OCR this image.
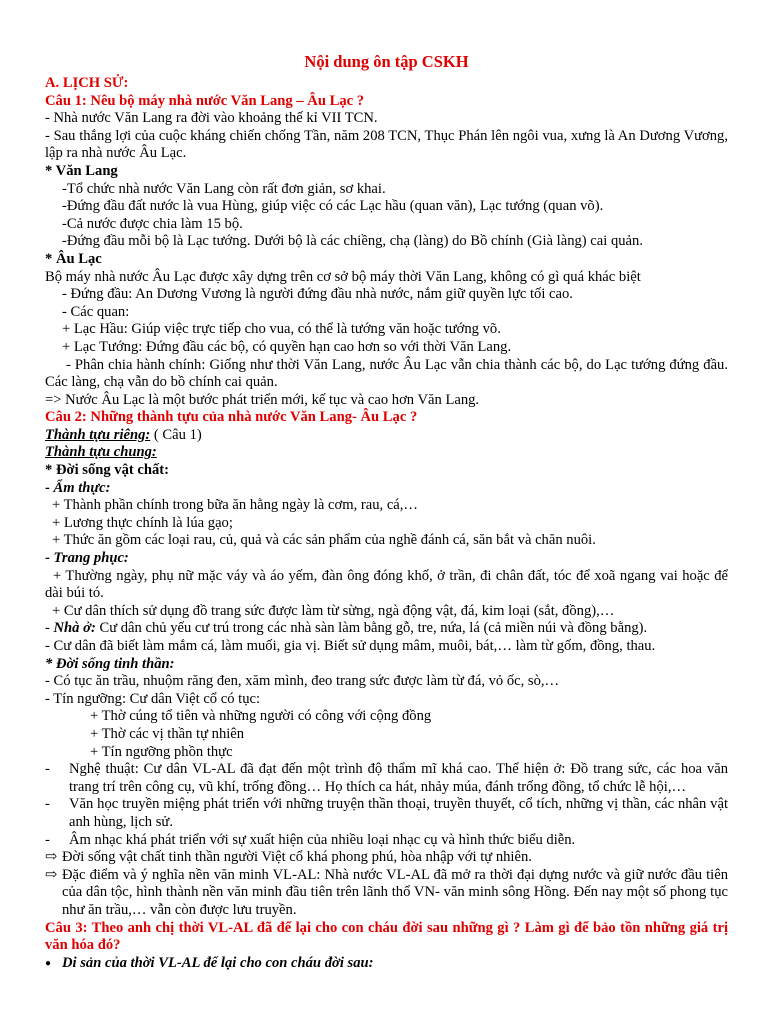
Nội dung ôn tập CSKH

A. LỊCH SỬ:

Câu 1: Nêu bộ máy nhà nước Văn Lang – Âu Lạc ?

- Nhà nước Văn Lang ra đời vào khoảng thế kỉ VII TCN.

- Sau thắng lợi của cuộc kháng chiến chống Tần, năm 208 TCN, Thục Phán lên ngôi vua, xưng là An Dương Vương, lập ra nhà nước Âu Lạc.

* Văn Lang

-Tổ chức nhà nước Văn Lang còn rất đơn giản, sơ khai.

-Đứng đầu đất nước là vua Hùng, giúp việc có các Lạc hầu (quan văn), Lạc tướng (quan võ).

-Cả nước được chia làm 15 bộ.

-Đứng đầu mỗi bộ là Lạc tướng. Dưới bộ là các chiềng, chạ (làng) do Bồ chính (Già làng) cai quản.

* Âu Lạc

Bộ máy nhà nước Âu Lạc được xây dựng trên cơ sở bộ máy thời Văn Lang, không có gì quá khác biệt

- Đứng đầu: An Dương Vương là người đứng đầu nhà nước, nắm giữ quyền lực tối cao.

- Các quan:

+ Lạc Hầu: Giúp việc trực tiếp cho vua, có thể là tướng văn hoặc tướng võ.

+ Lạc Tướng: Đứng đầu các bộ, có quyền hạn cao hơn so với thời Văn Lang.

- Phân chia hành chính: Giống như thời Văn Lang, nước Âu Lạc vẫn chia thành các bộ, do Lạc tướng đứng đầu. Các làng, chạ vẫn do bồ chính cai quản.

=> Nước Âu Lạc là một bước phát triển mới, kế tục và cao hơn Văn Lang.

Câu 2: Những thành tựu của nhà nước Văn Lang- Âu Lạc ?

Thành tựu riêng: ( Câu 1)

Thành tựu chung:

* Đời sống vật chất:

- Ẩm thực:

+ Thành phần chính trong bữa ăn hằng ngày là cơm, rau, cá,…

+ Lương thực chính là lúa gạo;

+ Thức ăn gồm các loại rau, củ, quả và các sản phẩm của nghề đánh cá, săn bắt và chăn nuôi.

- Trang phục:

+ Thường ngày, phụ nữ mặc váy và áo yếm, đàn ông đóng khố, ở trần, đi chân đất, tóc để xoã ngang vai hoặc để dài búi tó.

+ Cư dân thích sử dụng đồ trang sức được làm từ sừng, ngà động vật, đá, kim loại (sắt, đồng),…

- Nhà ở: Cư dân chủ yếu cư trú trong các nhà sàn làm bằng gỗ, tre, nứa, lá (cả miền núi và đồng bằng).

- Cư dân đã biết làm mắm cá, làm muối, gia vị. Biết sử dụng mâm, muôi, bát,… làm từ gốm, đồng, thau.

* Đời sống tinh thần:

- Có tục ăn trầu, nhuộm răng đen, xăm mình, đeo trang sức được làm từ đá, vỏ ốc, sò,…

- Tín ngưỡng: Cư dân Việt cổ có tục:

+ Thờ cúng tổ tiên và những người có công với cộng đồng

+ Thờ các vị thần tự nhiên

+ Tín ngưỡng phồn thực

-	Nghệ thuật: Cư dân VL-AL đã đạt đến một trình độ thẩm mĩ khá cao. Thể hiện ở: Đồ trang sức, các hoa văn trang trí trên công cụ, vũ khí, trống đồng… Họ thích ca hát, nhảy múa, đánh trống đồng, tổ chức lễ hội,…
-	Văn học truyền miệng phát triển với những truyện thần thoại, truyền thuyết, cổ tích, những vị thần, các nhân vật anh hùng, lịch sử.
-	Âm nhạc khá phát triển với sự xuất hiện của nhiều loại nhạc cụ và hình thức biểu diễn.
⇨ Đời sống vật chất tinh thần người Việt cổ khá phong phú, hòa nhập với tự nhiên.
⇨ Đặc điểm và ý nghĩa nền văn minh VL-AL: Nhà nước VL-AL đã mở ra thời đại dựng nước và giữ nước đầu tiên của dân tộc, hình thành nền văn minh đầu tiên trên lãnh thổ VN- văn minh sông Hồng. Đến nay một số phong tục như ăn trầu,… vẫn còn được lưu truyền.

Câu 3: Theo anh chị thời VL-AL đã để lại cho con cháu đời sau những gì ? Làm gì để bảo tồn những giá trị văn hóa đó?

● Di sản của thời VL-AL để lại cho con cháu đời sau:
